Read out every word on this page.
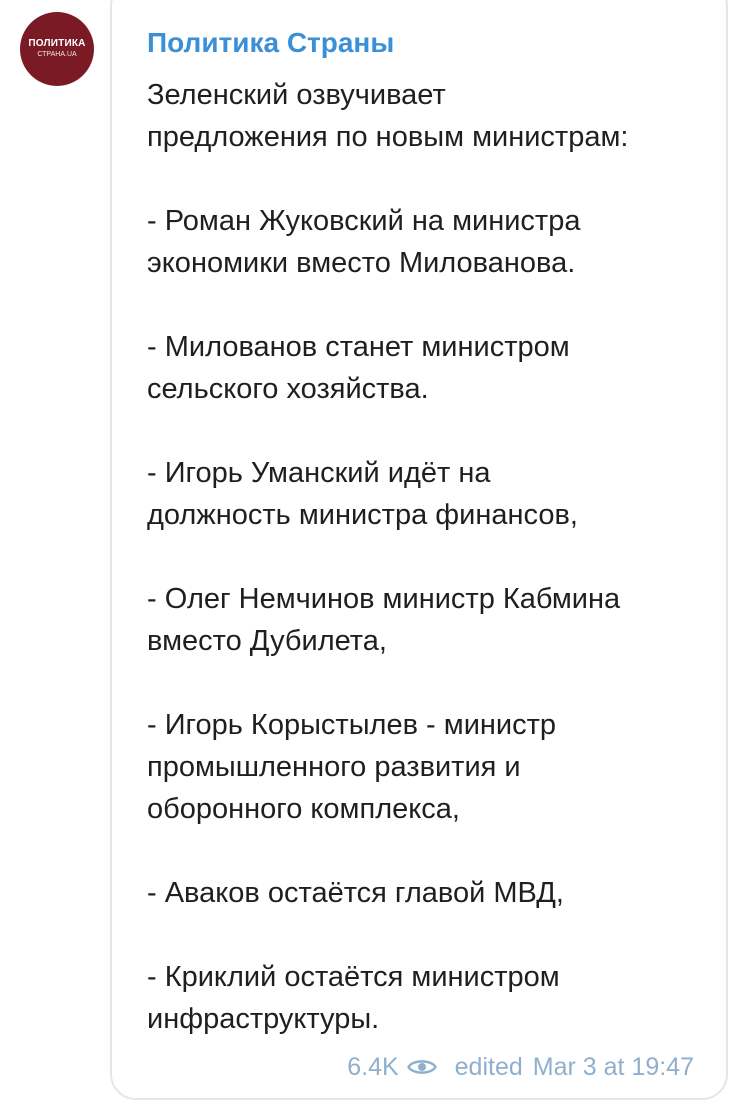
ПОЛИТИКА
СТРАНА.UA	Политика Страны

Зеленский озвучивает
предложения по новым министрам:

- Роман Жуковский на министра
экономики вместо Милованова.

- Милованов станет министром
сельского хозяйства.

- Игорь Уманский идёт на
должность министра финансов,

- Олег Немчинов министр Кабмина
вместо Дубилета,

- Игорь Корыстылев - министр
промышленного развития и
оборонного комплекса,

- Аваков остаётся главой МВД,

- Криклий остаётся министром
инфраструктуры.

6.4K edited Mar 3 at 19:47
